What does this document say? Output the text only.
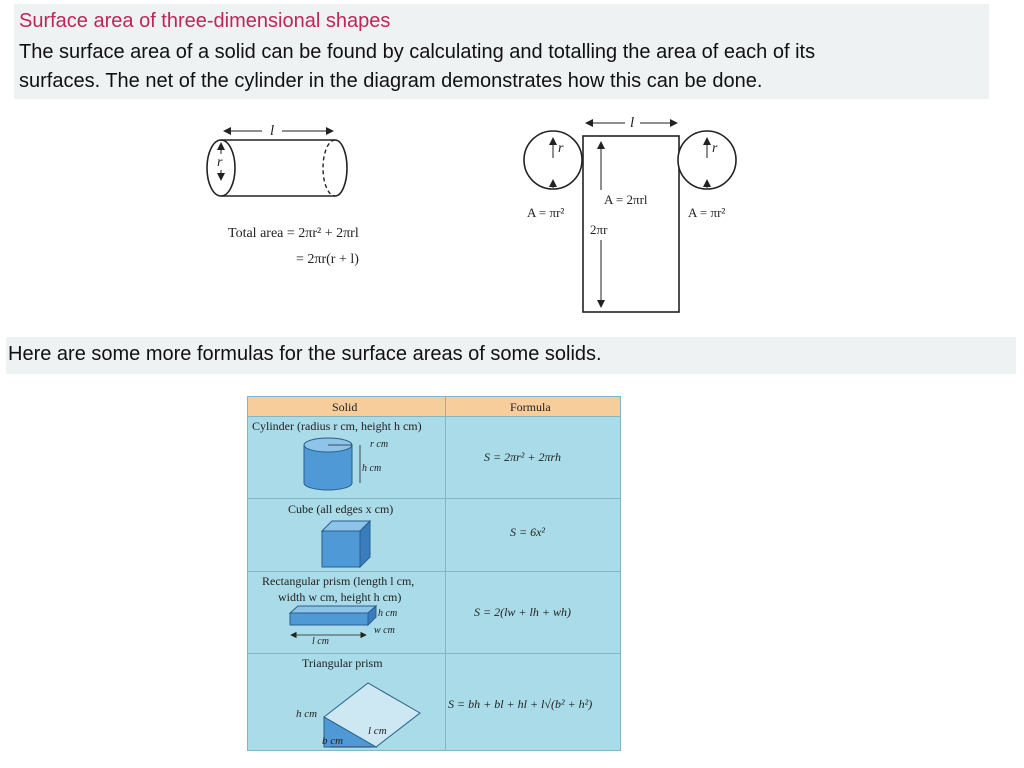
Surface area of three-dimensional shapes
The surface area of a solid can be found by calculating and totalling the area of each of its
surfaces. The net of the cylinder in the diagram demonstrates how this can be done.
l
r
Total area = 2πr² + 2πrl
= 2πr(r + l)
l
r	r
A = πr²	A = πr²
A = 2πrl
2πr
Here are some more formulas for the surface areas of some solids.
Solid	Formula
Cylinder (radius r cm, height h cm)
r cm
h cm
S = 2πr² + 2πrh
Cube (all edges x cm)
S = 6x²
Rectangular prism (length l cm,
width w cm, height h cm)
h cm
w cm
l cm
S = 2(lw + lh + wh)
Triangular prism
h cm
l cm
b cm
S = bh + bl + hl + l√(b² + h²)
